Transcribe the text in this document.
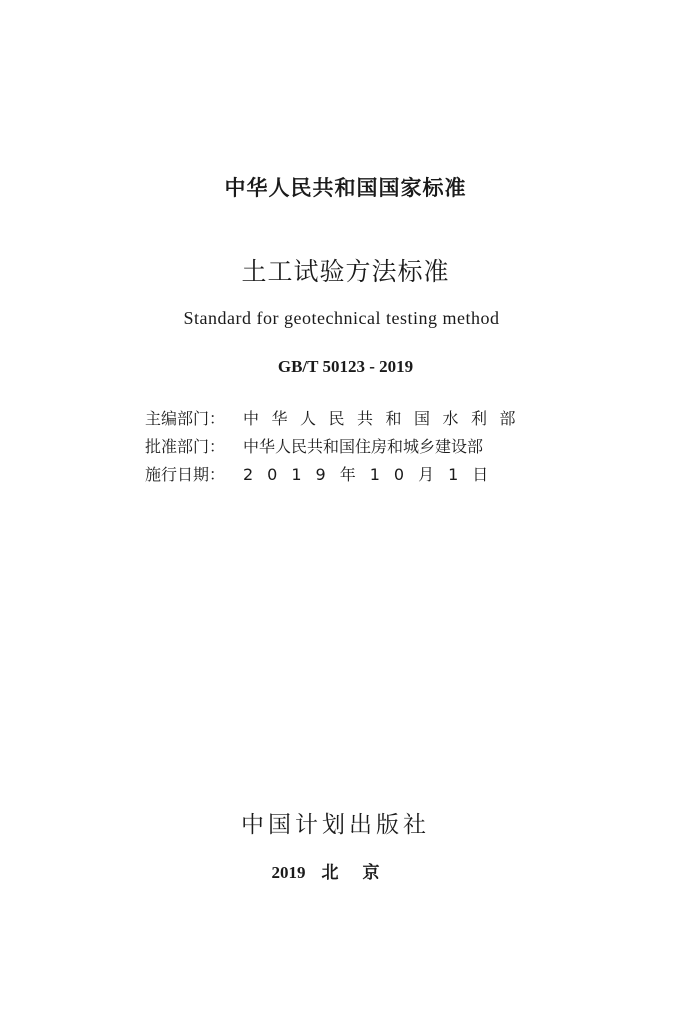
中华人民共和国国家标准
土工试验方法标准
Standard for geotechnical testing method
GB/T 50123 - 2019
主编部门： 中华人民共和国水利部
批准部门： 中华人民共和国住房和城乡建设部
施行日期： 2019年10月1日
中国计划出版社
2019 北京
